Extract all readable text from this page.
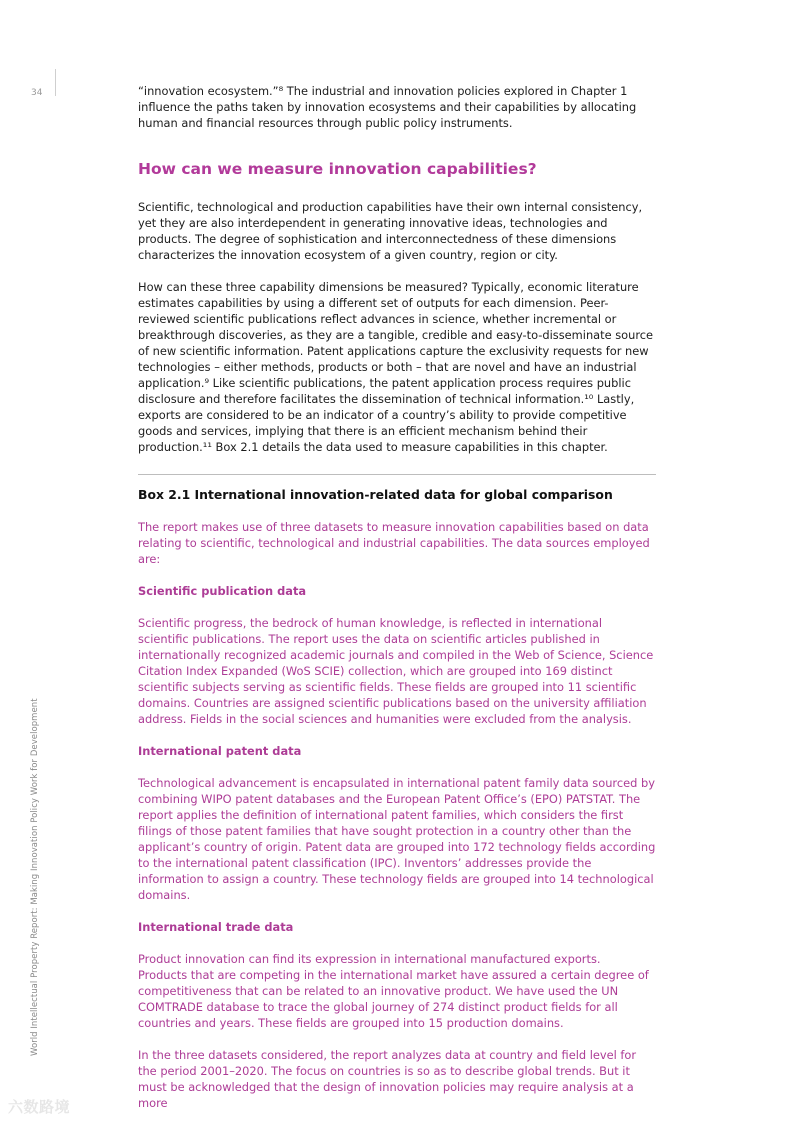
34
World Intellectual Property Report: Making Innovation Policy Work for Development

“innovation ecosystem.”⁸ The industrial and innovation policies explored in Chapter 1 influence the paths taken by innovation ecosystems and their capabilities by allocating human and financial resources through public policy instruments.

How can we measure innovation capabilities?

Scientific, technological and production capabilities have their own internal consistency, yet they are also interdependent in generating innovative ideas, technologies and products. The degree of sophistication and interconnectedness of these dimensions characterizes the innovation ecosystem of a given country, region or city.

How can these three capability dimensions be measured? Typically, economic literature estimates capabilities by using a different set of outputs for each dimension. Peer-reviewed scientific publications reflect advances in science, whether incremental or breakthrough discoveries, as they are a tangible, credible and easy-to-disseminate source of new scientific information. Patent applications capture the exclusivity requests for new technologies – either methods, products or both – that are novel and have an industrial application.⁹ Like scientific publications, the patent application process requires public disclosure and therefore facilitates the dissemination of technical information.¹⁰ Lastly, exports are considered to be an indicator of a country’s ability to provide competitive goods and services, implying that there is an efficient mechanism behind their production.¹¹ Box 2.1 details the data used to measure capabilities in this chapter.

Box 2.1 International innovation-related data for global comparison

The report makes use of three datasets to measure innovation capabilities based on data relating to scientific, technological and industrial capabilities. The data sources employed are:

Scientific publication data

Scientific progress, the bedrock of human knowledge, is reflected in international scientific publications. The report uses the data on scientific articles published in internationally recognized academic journals and compiled in the Web of Science, Science Citation Index Expanded (WoS SCIE) collection, which are grouped into 169 distinct scientific subjects serving as scientific fields. These fields are grouped into 11 scientific domains. Countries are assigned scientific publications based on the university affiliation address. Fields in the social sciences and humanities were excluded from the analysis.

International patent data

Technological advancement is encapsulated in international patent family data sourced by combining WIPO patent databases and the European Patent Office’s (EPO) PATSTAT. The report applies the definition of international patent families, which considers the first filings of those patent families that have sought protection in a country other than the applicant’s country of origin. Patent data are grouped into 172 technology fields according to the international patent classification (IPC). Inventors’ addresses provide the information to assign a country. These technology fields are grouped into 14 technological domains.

International trade data

Product innovation can find its expression in international manufactured exports.

Products that are competing in the international market have assured a certain degree of competitiveness that can be related to an innovative product. We have used the UN COMTRADE database to trace the global journey of 274 distinct product fields for all countries and years. These fields are grouped into 15 production domains.

In the three datasets considered, the report analyzes data at country and field level for the period 2001–2020. The focus on countries is so as to describe global trends. But it must be acknowledged that the design of innovation policies may require analysis at a more

六数路境
